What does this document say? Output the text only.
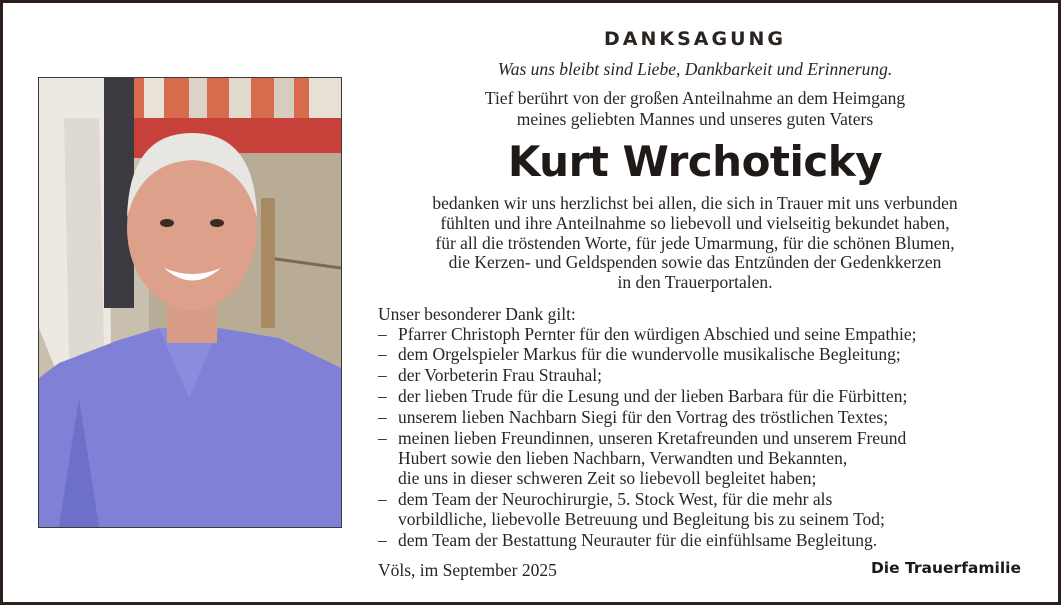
DANKSAGUNG
Was uns bleibt sind Liebe, Dankbarkeit und Erinnerung.
Tief berührt von der großen Anteilnahme an dem Heimgang
meines geliebten Mannes und unseres guten Vaters
Kurt Wrchoticky
bedanken wir uns herzlichst bei allen, die sich in Trauer mit uns verbunden
fühlten und ihre Anteilnahme so liebevoll und vielseitig bekundet haben,
für all die tröstenden Worte, für jede Umarmung, für die schönen Blumen,
die Kerzen- und Geldspenden sowie das Entzünden der Gedenkkerzen
in den Trauerportalen.
Unser besonderer Dank gilt:
– Pfarrer Christoph Pernter für den würdigen Abschied und seine Empathie;
– dem Orgelspieler Markus für die wundervolle musikalische Begleitung;
– der Vorbeterin Frau Strauhal;
– der lieben Trude für die Lesung und der lieben Barbara für die Fürbitten;
– unserem lieben Nachbarn Siegi für den Vortrag des tröstlichen Textes;
– meinen lieben Freundinnen, unseren Kretafreunden und unserem Freund
Hubert sowie den lieben Nachbarn, Verwandten und Bekannten,
die uns in dieser schweren Zeit so liebevoll begleitet haben;
– dem Team der Neurochirurgie, 5. Stock West, für die mehr als
vorbildliche, liebevolle Betreuung und Begleitung bis zu seinem Tod;
– dem Team der Bestattung Neurauter für die einfühlsame Begleitung.
Völs, im September 2025	Die Trauerfamilie
